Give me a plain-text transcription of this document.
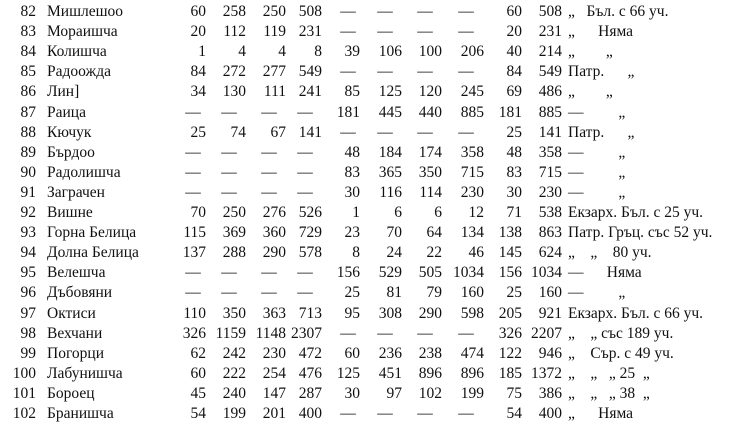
82 Мишлешоо	60	258	250 508 —	—	—	—	60	508 „   Бъл. с 66 уч.
83 Мораишча	20	112	119 231 —	—	—	—	20	231 „      Няма
84 Колишча	1	4	4	8	39	106	100	206	40	214 „        „
85 Радоожда	84	272	277 549 —	—	—	—	84	549 Патр.      „
86 Лин]	34	130	111 241	85	125	120	245	69	486 „        „
87 Раица	—	—	—	—	181	445	440	885 181	885 —         „
88 Кючук	25	74	67 141 —	—	—	—	25	141 Патр.      „
89 Бърдоо	—	—	—	—	48	184	174	358	48	358 —         „
90 Радолишча	—	—	—	—	83	365	350	715	83	715 —         „
91 Заграчен	—	—	—	—	30	116	114	230	30	230 —         „
92 Вишне	70	250	276 526	1	6	6	12	71	538 Екзарх. Бъл. с 25 уч.
93 Горна Белица	115	369	360 729	23	70	64	134 138	863 Патр. Гръц. със 52 уч.
94 Долна Белица	137	288	290 578	8	24	22	46 145	624 „    „    80 уч.
95 Велешча	—	—	—	—	156	529	505 1034 156 1034 —      Няма
96 Дъбовяни	—	—	—	—	25	81	79	160	25	160 —         „
97 Октиси	110	350	363 713	95	308	290	598 205	921 Екзарх. Бъл. с 66 уч.
98 Вехчани	326 1159 1148 2307 —	—	—	—	326 2207 „    „ със 189 уч.
99 Погорци	62	242	230 472	60	236	238	474 122	946 „    Сър. с 49 уч.
100 Лабунишча	60	222	254 476 125	451	896	896 185 1372 „    „   „ 25  „
101 Бороец	45	240	147 287	30	97	102	199	75	386 „    „   „ 38  „
102 Бранишча	54	199	201 400 —	—	—	—	54	400 „      Няма
